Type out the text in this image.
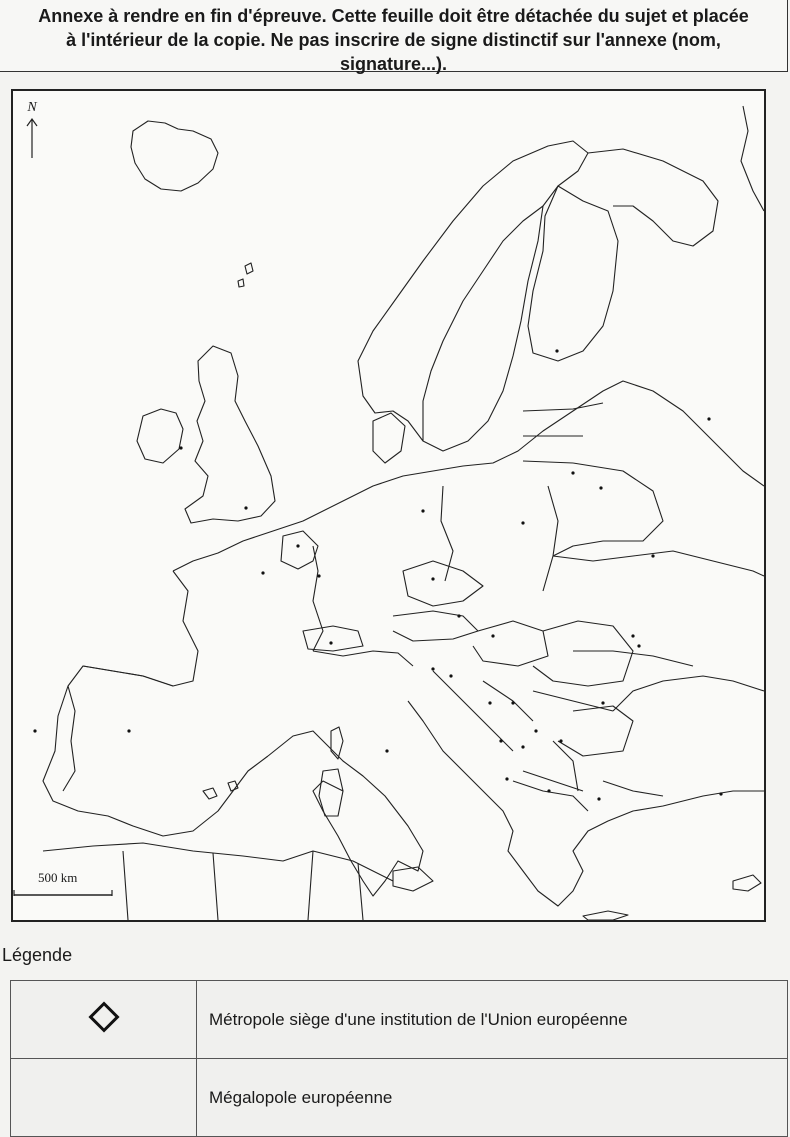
Annexe à rendre en fin d'épreuve. Cette feuille doit être détachée du sujet et placée
à l'intérieur de la copie. Ne pas inscrire de signe distinctif sur l'annexe (nom,
signature...).
N
500 km
Légende
	Métropole siège d'une institution de l'Union européenne
	Mégalopole européenne
